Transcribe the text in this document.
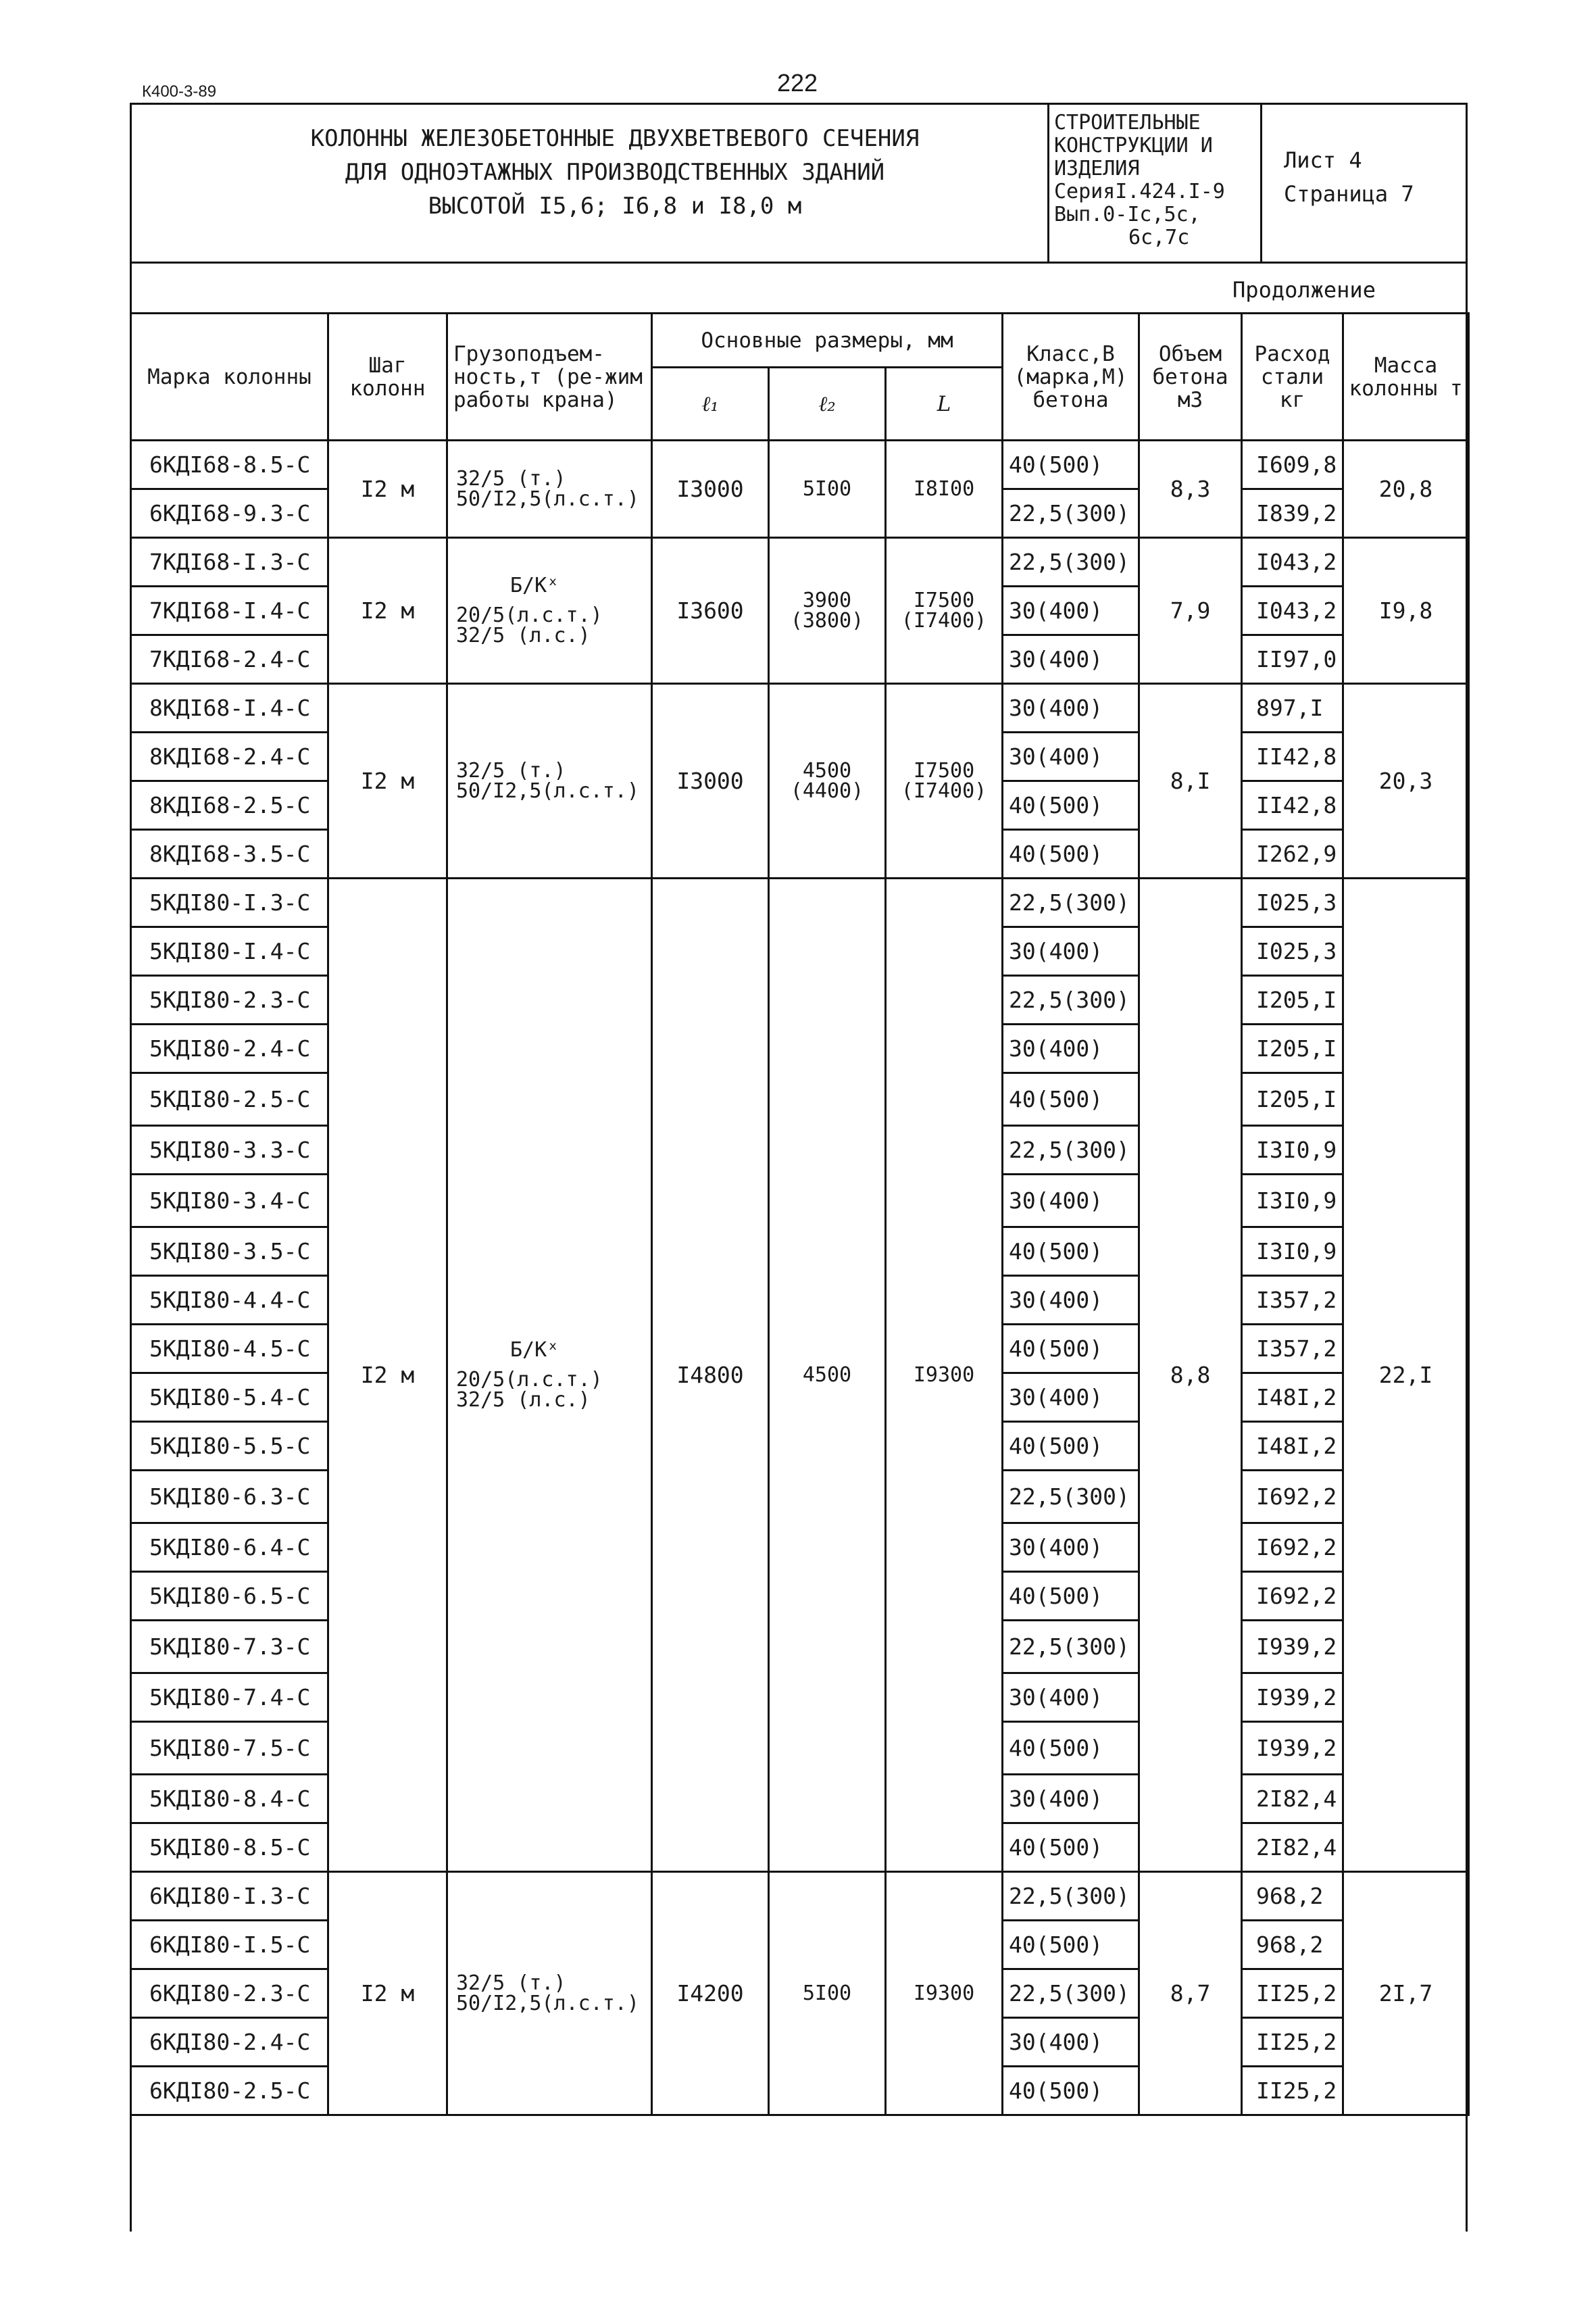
К400-3-89	222
КОЛОННЫ ЖЕЛЕЗОБЕТОННЫЕ ДВУХВЕТВЕВОГО СЕЧЕНИЯ
ДЛЯ ОДНОЭТАЖНЫХ ПРОИЗВОДСТВЕННЫХ ЗДАНИЙ
ВЫСОТОЙ I5,6; I6,8 и I8,0 м
СТРОИТЕЛЬНЫЕ
КОНСТРУКЦИИ И
ИЗДЕЛИЯ
СерияI.424.I-9
Вып.0-Iс,5с,
6с,7с
Лист 4
Страница 7
Продолжение
Марка колонны	Шаг колонн	Грузоподъем-ность,т (ре-жим работы крана)	Основные размеры, мм			Класс,В (марка,М) бетона	Объем бетона м3	Расход стали кг	Масса колонны т
			ℓ₁	ℓ₂	L				
6КДI68-8.5-С	I2 м	32/5 (т.)
50/I2,5(л.с.т.)	I3000	5I00	I8I00	40(500)	8,3	I609,8	20,8
6КДI68-9.3-С						22,5(300)		I839,2	
7КДI68-I.3-С	I2 м	Б/Кˣ
20/5(л.с.т.)
32/5 (л.с.)	I3600	3900 (3800)	I7500 (I7400)	22,5(300)	7,9	I043,2	I9,8
7КДI68-I.4-С						30(400)		I043,2	
7КДI68-2.4-С						30(400)		II97,0	
8КДI68-I.4-С	I2 м	32/5 (т.)
50/I2,5(л.с.т.)	I3000	4500 (4400)	I7500 (I7400)	30(400)	8,I	897,I	20,3
8КДI68-2.4-С						30(400)		II42,8	
8КДI68-2.5-С						40(500)		II42,8	
8КДI68-3.5-С						40(500)		I262,9	
5КДI80-I.3-С	I2 м	Б/Кˣ
20/5(л.с.т.)
32/5 (л.с.)	I4800	4500	I9300	22,5(300)	8,8	I025,3	22,I
5КДI80-I.4-С						30(400)		I025,3	
5КДI80-2.3-С						22,5(300)		I205,I	
5КДI80-2.4-С						30(400)		I205,I	
5КДI80-2.5-С						40(500)		I205,I	
5КДI80-3.3-С						22,5(300)		I3I0,9	
5КДI80-3.4-С						30(400)		I3I0,9	
5КДI80-3.5-С						40(500)		I3I0,9	
5КДI80-4.4-С						30(400)		I357,2	
5КДI80-4.5-С						40(500)		I357,2	
5КДI80-5.4-С						30(400)		I48I,2	
5КДI80-5.5-С						40(500)		I48I,2	
5КДI80-6.3-С						22,5(300)		I692,2	
5КДI80-6.4-С						30(400)		I692,2	
5КДI80-6.5-С						40(500)		I692,2	
5КДI80-7.3-С						22,5(300)		I939,2	
5КДI80-7.4-С						30(400)		I939,2	
5КДI80-7.5-С						40(500)		I939,2	
5КДI80-8.4-С						30(400)		2I82,4	
5КДI80-8.5-С						40(500)		2I82,4	
6КДI80-I.3-С	I2 м	32/5 (т.)
50/I2,5(л.с.т.)	I4200	5I00	I9300	22,5(300)	8,7	968,2	2I,7
6КДI80-I.5-С						40(500)		968,2	
6КДI80-2.3-С						22,5(300)		II25,2	
6КДI80-2.4-С						30(400)		II25,2	
6КДI80-2.5-С						40(500)		II25,2	
